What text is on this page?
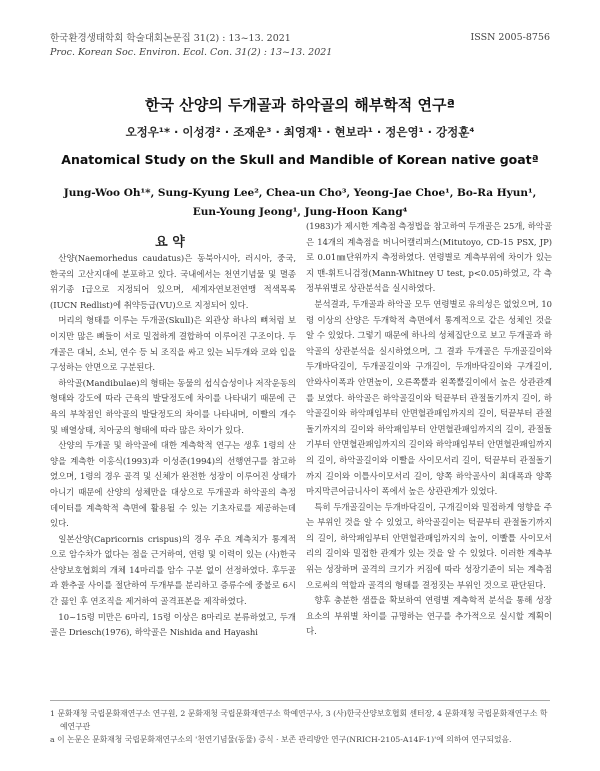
한국환경생태학회 학술대회논문집 31(2) : 13~13. 2021
Proc. Korean Soc. Environ. Ecol. Con. 31(2) : 13~13. 2021
ISSN 2005-8756
한국 산양의 두개골과 하악골의 해부학적 연구ª
오정우¹* · 이성경² · 조재운³ · 최영재¹ · 현보라¹ · 정은영¹ · 강정훈⁴
Anatomical Study on the Skull and Mandible of Korean native goatª
Jung-Woo Oh¹*, Sung-Kyung Lee², Chea-un Cho³, Yeong-Jae Choe¹, Bo-Ra Hyun¹, Eun-Young Jeong¹, Jung-Hoon Kang⁴
요 약

산양(Naemorhedus caudatus)은 동북아시아, 러시아, 중국, 한국의 고산지대에 분포하고 있다. 국내에서는 천연기념물 및 멸종위기종 I급으로 지정되어 있으며, 세계자연보전연맹 적색목록(IUCN Redlist)에 취약등급(VU)으로 지정되어 있다.

머리의 형태를 이루는 두개골(Skull)은 외관상 하나의 뼈처럼 보이지만 많은 뼈들이 서로 밀접하게 결합하여 이루어진 구조이다. 두개골은 대뇌, 소뇌, 연수 등 뇌 조직을 싸고 있는 뇌두개와 코와 입을 구성하는 안면으로 구분된다.

하악골(Mandibulae)의 형태는 동물의 섭식습성이나 저작운동의 형태와 강도에 따라 근육의 발달정도에 차이를 나타내기 때문에 근육의 부착점인 하악골의 발달정도의 차이를 나타내며, 이빨의 개수 및 배열상태, 치아궁의 형태에 따라 많은 차이가 있다.

산양의 두개골 및 하악골에 대한 계측학적 연구는 생후 1령의 산양을 계측한 이홍식(1993)과 이성준(1994)의 선행연구를 참고하였으며, 1령의 경우 골격 및 신체가 완전한 성장이 이루어진 상태가 아니기 때문에 산양의 성체만을 대상으로 두개골과 하악골의 측정 데이터를 계측학적 측면에 활용될 수 있는 기초자료를 제공하는데 있다.

일본산양(Capricornis crispus)의 경우 주요 계측치가 통계적으로 암수차가 없다는 점을 근거하여, 연령 및 이력이 있는 (사)한국산양보호협회의 개체 14마리를 암수 구분 없이 선정하였다. 후두골과 환추골 사이를 절단하여 두개부를 분리하고 증류수에 중불로 6시간 끓인 후 연조직을 제거하여 골격표본을 제작하였다.

10~15령 미만은 6마리, 15령 이상은 8마리로 분류하였고, 두개골은 Driesch(1976), 하악골은 Nishida and Hayashi

(1983)가 제시한 계측점 측정법을 참고하여 두개골은 25개, 하악골은 14개의 계측점을 버니어캘리퍼스(Mitutoyo, CD-15 PSX, JP)로 0.01㎜단위까지 측정하였다. 연령별로 계측부위에 차이가 있는지 맨-휘트니검정(Mann-Whitney U test, p<0.05)하였고, 각 측정부위별로 상관분석을 실시하였다.

분석결과, 두개골과 하악골 모두 연령별로 유의성은 없었으며, 10령 이상의 산양은 두개학적 측면에서 통계적으로 같은 성체인 것을 알 수 있었다. 그렇기 때문에 하나의 성체집단으로 보고 두개골과 하악골의 상관분석을 실시하였으며, 그 결과 두개골은 두개골길이와 두개바닥길이, 두개골길이와 구개길이, 두개바닥길이와 구개길이, 안와사이폭과 안면높이, 오른쪽뿔과 왼쪽뿔길이에서 높은 상관관계를 보였다. 하악골은 하악골길이와 턱끝부터 관절돌기까지 길이, 하악골길이와 하악패임부터 안면혈관패임까지의 길이, 턱끝부터 관절돌기까지의 길이와 하악패임부터 안면혈관패임까지의 길이, 관절돌기부터 안면혈관패임까지의 길이와 하악패임부터 안면혈관패임까지의 길이, 하악골길이와 이빨을 사이모서리 길이, 턱끝부터 관절돌기까지 길이와 이틀사이모서리 길이, 양쪽 하악골사이 최대폭과 양쪽 마지막큰어금니사이 폭에서 높은 상관관계가 있었다.

특히 두개골길이는 두개바닥길이, 구개길이와 밀접하게 영향을 주는 부위인 것을 알 수 있었고, 하악골길이는 턱끝부터 관절돌기까지의 길이, 하악패임부터 안면혈관패임까지의 높이, 이빨틀 사이모서리의 길이와 밀접한 관계가 있는 것을 알 수 있었다. 이러한 계측부위는 성장하며 골격의 크기가 커짐에 따라 성장기준이 되는 계측점으로써의 역할과 골격의 형태를 결정짓는 부위인 것으로 판단된다.

향후 충분한 샘플을 확보하여 연령별 계측학적 분석을 통해 성장요소의 부위별 차이를 규명하는 연구를 추가적으로 실시할 계획이다.

1 문화재청 국립문화재연구소 연구원, 2 문화재청 국립문화재연구소 학예연구사, 3 (사)한국산양보호협회 센터장, 4 문화재청 국립문화재연구소 학예연구관
a 이 논문은 문화재청 국립문화재연구소의 '천연기념물(동물) 증식 · 보존 관리방안 연구(NRICH-2105-A14F-1)'에 의하여 연구되었음.
